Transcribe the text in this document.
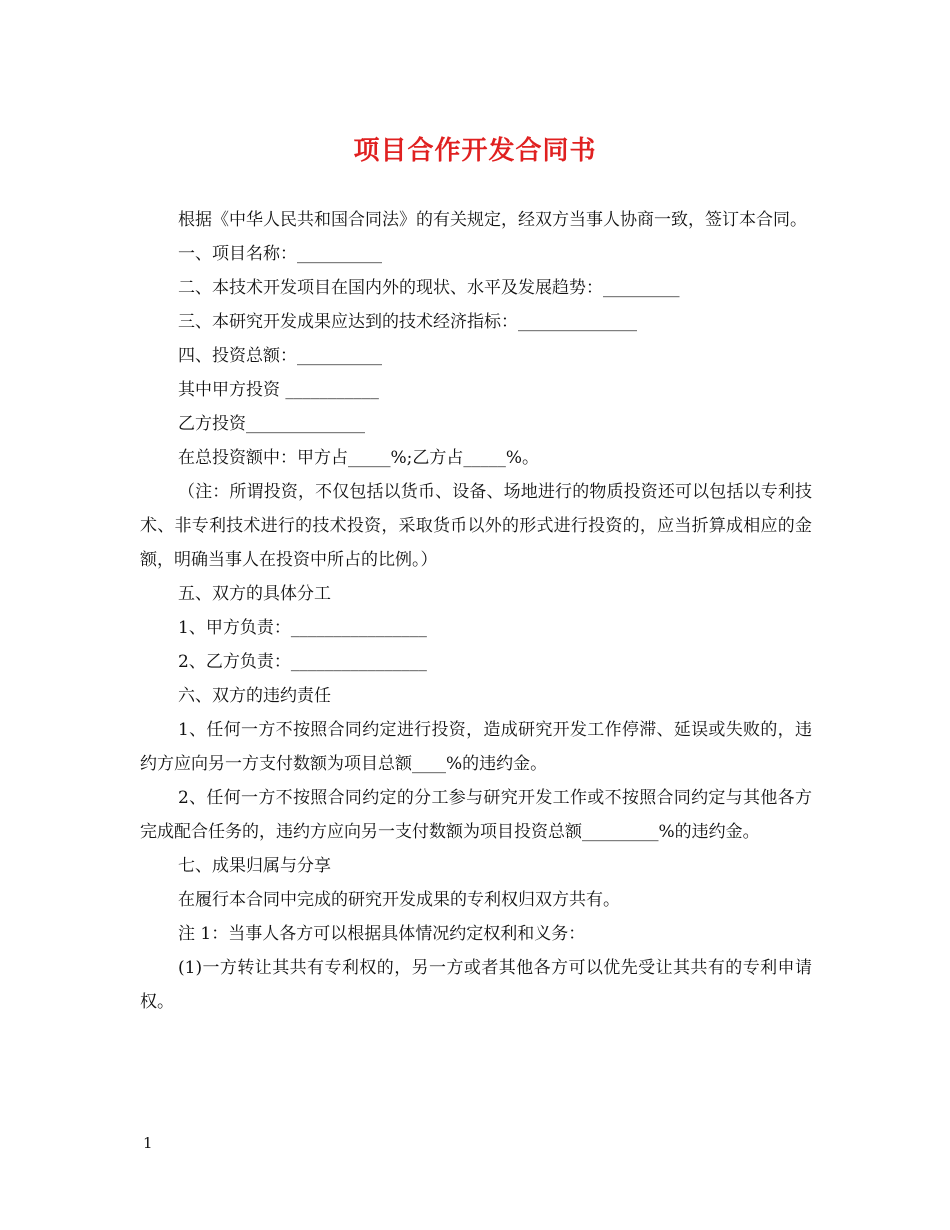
项目合作开发合同书

根据《中华人民共和国合同法》的有关规定，经双方当事人协商一致，签订本合同。

一、项目名称：__________

二、本技术开发项目在国内外的现状、水平及发展趋势：_________

三、本研究开发成果应达到的技术经济指标：______________

四、投资总额：__________

其中甲方投资 ___________

乙方投资______________

在总投资额中：甲方占_____%;乙方占_____%。

（注：所谓投资，不仅包括以货币、设备、场地进行的物质投资还可以包括以专利技术、非专利技术进行的技术投资，采取货币以外的形式进行投资的，应当折算成相应的金额，明确当事人在投资中所占的比例。）

五、双方的具体分工

1、甲方负责：________________

2、乙方负责：________________

六、双方的违约责任

1、任何一方不按照合同约定进行投资，造成研究开发工作停滞、延误或失败的，违约方应向另一方支付数额为项目总额____%的违约金。

2、任何一方不按照合同约定的分工参与研究开发工作或不按照合同约定与其他各方完成配合任务的，违约方应向另一支付数额为项目投资总额_________%的违约金。

七、成果归属与分享

在履行本合同中完成的研究开发成果的专利权归双方共有。

注 1：当事人各方可以根据具体情况约定权利和义务：

(1)一方转让其共有专利权的，另一方或者其他各方可以优先受让其共有的专利申请权。

1
